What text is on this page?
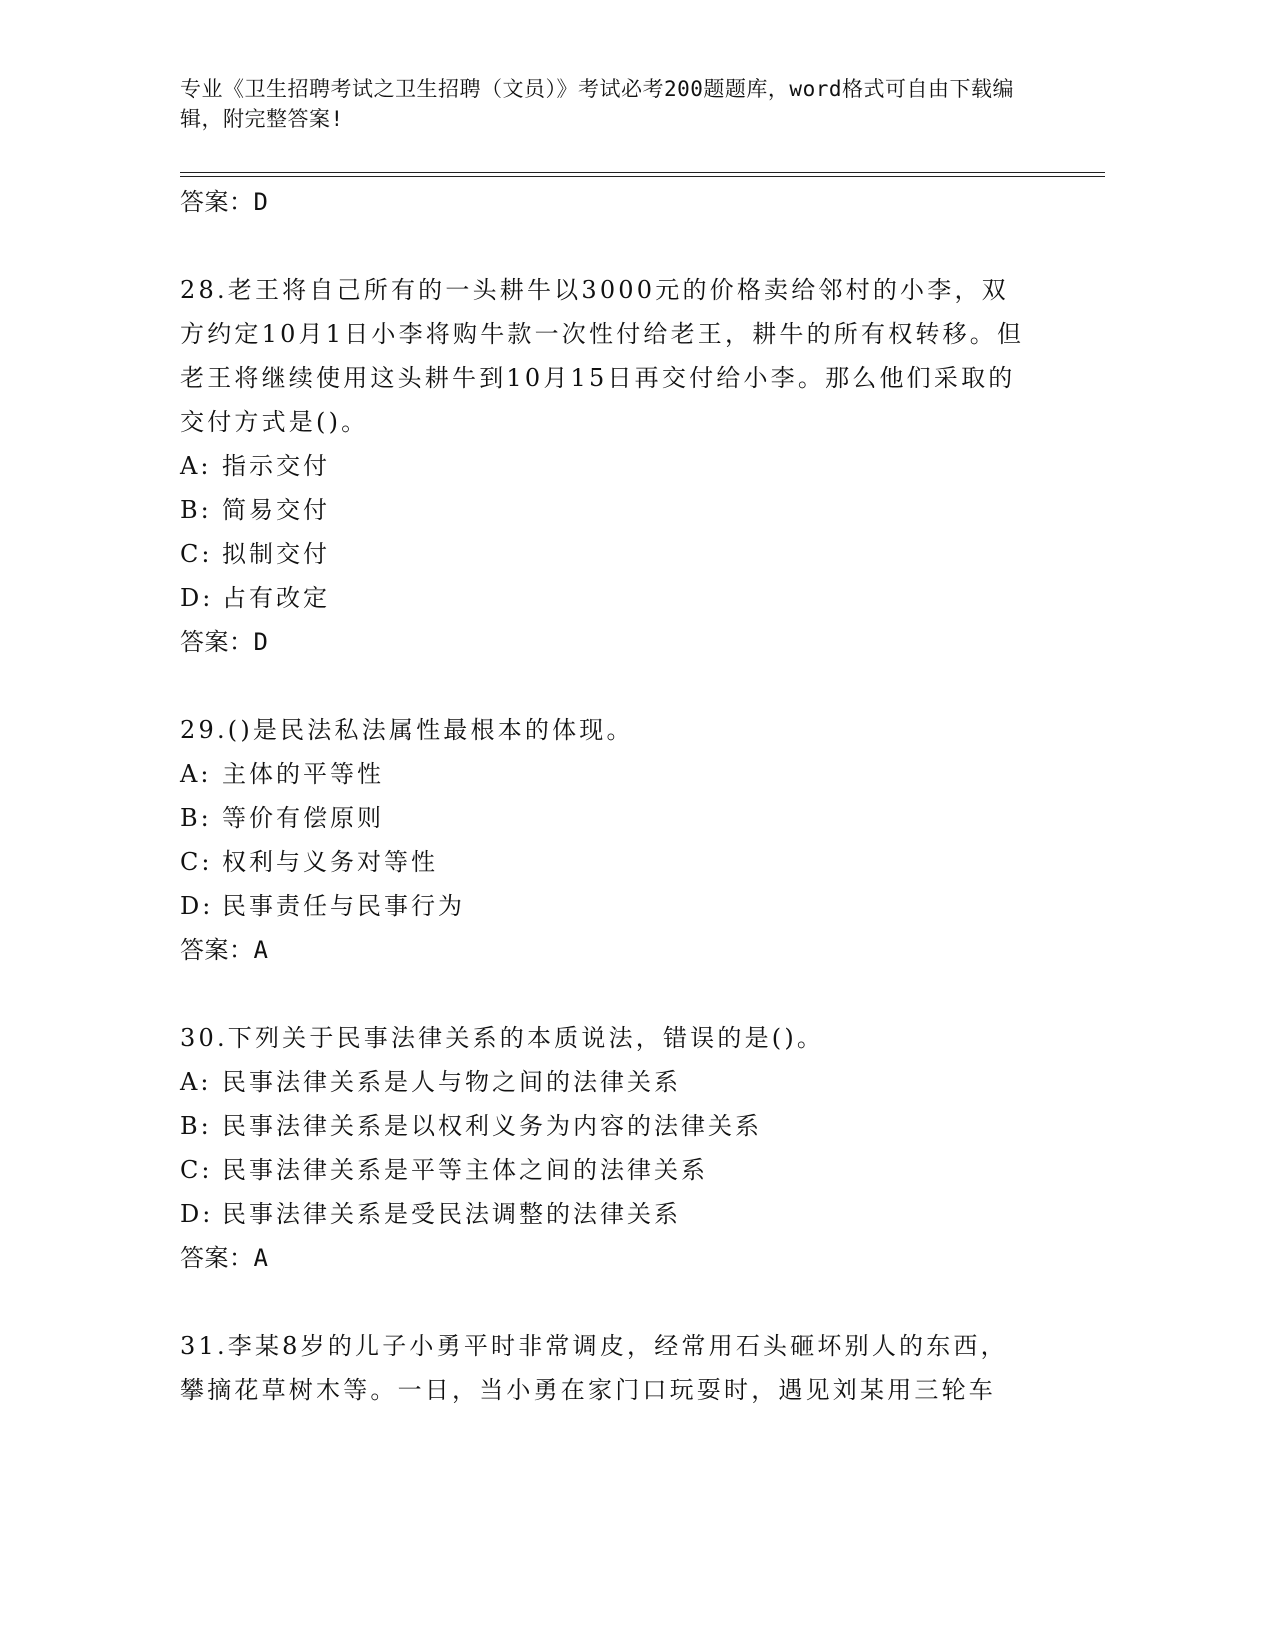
专业《卫生招聘考试之卫生招聘（文员）》考试必考200题题库，word格式可自由下载编辑，附完整答案!
答案：D
28.老王将自己所有的一头耕牛以3000元的价格卖给邻村的小李，双方约定10月1日小李将购牛款一次性付给老王，耕牛的所有权转移。但老王将继续使用这头耕牛到10月15日再交付给小李。那么他们采取的交付方式是()。
A: 指示交付
B: 简易交付
C: 拟制交付
D: 占有改定
答案：D
29.()是民法私法属性最根本的体现。
A: 主体的平等性
B: 等价有偿原则
C: 权利与义务对等性
D: 民事责任与民事行为
答案：A
30.下列关于民事法律关系的本质说法，错误的是()。
A: 民事法律关系是人与物之间的法律关系
B: 民事法律关系是以权利义务为内容的法律关系
C: 民事法律关系是平等主体之间的法律关系
D: 民事法律关系是受民法调整的法律关系
答案：A
31.李某8岁的儿子小勇平时非常调皮，经常用石头砸坏别人的东西，攀摘花草树木等。一日，当小勇在家门口玩耍时，遇见刘某用三轮车
